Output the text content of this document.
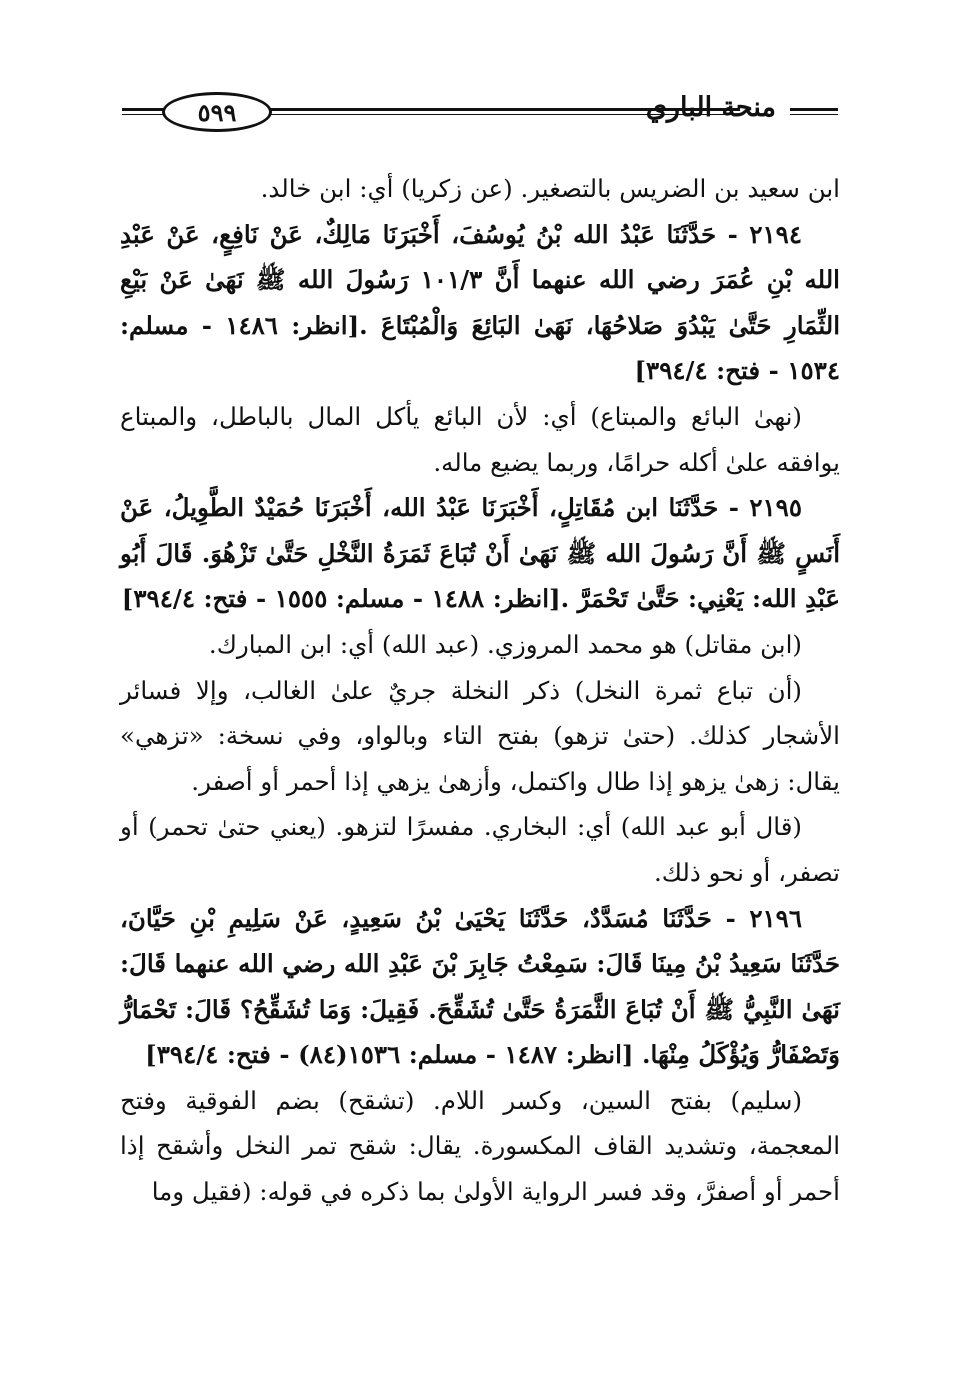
٥٩٩	منحة الباري

ابن سعيد بن الضريس بالتصغير. (عن زكريا) أي: ابن خالد.

٢١٩٤ - حَدَّثَنَا عَبْدُ الله بْنُ يُوسُفَ، أَخْبَرَنَا مَالِكٌ، عَنْ نَافِعٍ، عَنْ عَبْدِ الله بْنِ عُمَرَ رضي الله عنهما أَنَّ ١٠١/٣ رَسُولَ الله ﷺ نَهَىٰ عَنْ بَيْعِ الثِّمَارِ حَتَّىٰ يَبْدُوَ صَلاحُهَا، نَهَىٰ البَائِعَ وَالْمُبْتَاعَ .[انظر: ١٤٨٦ - مسلم: ١٥٣٤ - فتح: ٣٩٤/٤]

(نهىٰ البائع والمبتاع) أي: لأن البائع يأكل المال بالباطل، والمبتاع يوافقه علىٰ أكله حرامًا، وربما يضيع ماله.

٢١٩٥ - حَدَّثَنَا ابن مُقَاتِلٍ، أَخْبَرَنَا عَبْدُ الله، أَخْبَرَنَا حُمَيْدٌ الطَّوِيلُ، عَنْ أَنَسٍ ﷺ أَنَّ رَسُولَ الله ﷺ نَهَىٰ أَنْ تُبَاعَ ثَمَرَةُ النَّخْلِ حَتَّىٰ تَزْهُوَ. قَالَ أَبُو عَبْدِ الله: يَعْنِي: حَتَّىٰ تَحْمَرَّ .[انظر: ١٤٨٨ - مسلم: ١٥٥٥ - فتح: ٣٩٤/٤]

(ابن مقاتل) هو محمد المروزي. (عبد الله) أي: ابن المبارك.

(أن تباع ثمرة النخل) ذكر النخلة جريٌ علىٰ الغالب، وإلا فسائر الأشجار كذلك. (حتىٰ تزهو) بفتح التاء وبالواو، وفي نسخة: «تزهي» يقال: زهىٰ يزهو إذا طال واكتمل، وأزهىٰ يزهي إذا أحمر أو أصفر.

(قال أبو عبد الله) أي: البخاري. مفسرًا لتزهو. (يعني حتىٰ تحمر) أو تصفر، أو نحو ذلك.

٢١٩٦ - حَدَّثَنَا مُسَدَّدٌ، حَدَّثَنَا يَحْيَىٰ بْنُ سَعِيدٍ، عَنْ سَلِيمِ بْنِ حَيَّانَ، حَدَّثَنَا سَعِيدُ بْنُ مِينَا قَالَ: سَمِعْتُ جَابِرَ بْنَ عَبْدِ الله رضي الله عنهما قَالَ: نَهَىٰ النَّبِيُّ ﷺ أَنْ تُبَاعَ الثَّمَرَةُ حَتَّىٰ تُشَقِّحَ. فَقِيلَ: وَمَا تُشَقِّحُ؟ قَالَ: تَحْمَارُّ وَتَصْفَارُّ وَيُؤْكَلُ مِنْهَا. [انظر: ١٤٨٧ - مسلم: ١٥٣٦(٨٤) - فتح: ٣٩٤/٤]

(سليم) بفتح السين، وكسر اللام. (تشقح) بضم الفوقية وفتح المعجمة، وتشديد القاف المكسورة. يقال: شقح تمر النخل وأشقح إذا أحمر أو أصفرَّ، وقد فسر الرواية الأولىٰ بما ذكره في قوله: (فقيل وما
